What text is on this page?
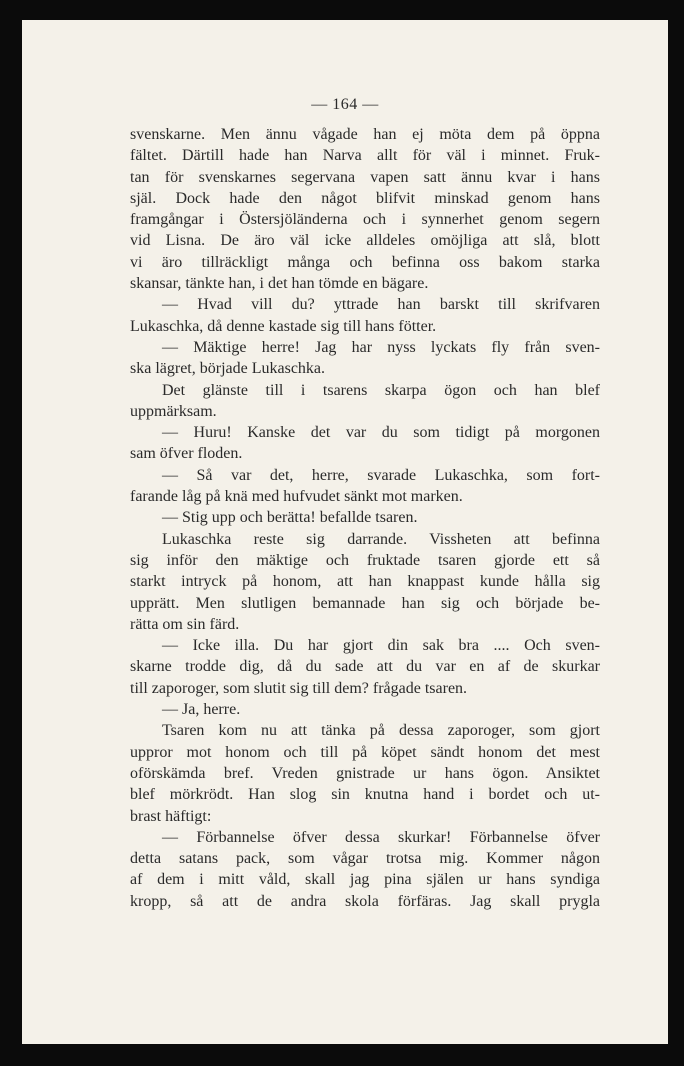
— 164 —
svenskarne. Men ännu vågade han ej möta dem på öppna
fältet. Därtill hade han Narva allt för väl i minnet. Fruk-
tan för svenskarnes segervana vapen satt ännu kvar i hans
själ. Dock hade den något blifvit minskad genom hans
framgångar i Östersjöländerna och i synnerhet genom segern
vid Lisna. De äro väl icke alldeles omöjliga att slå, blott
vi äro tillräckligt många och befinna oss bakom starka
skansar, tänkte han, i det han tömde en bägare.
— Hvad vill du? yttrade han barskt till skrifvaren
Lukaschka, då denne kastade sig till hans fötter.
— Mäktige herre! Jag har nyss lyckats fly från sven-
ska lägret, började Lukaschka.
Det glänste till i tsarens skarpa ögon och han blef
uppmärksam.
— Huru! Kanske det var du som tidigt på morgonen
sam öfver floden.
— Så var det, herre, svarade Lukaschka, som fort-
farande låg på knä med hufvudet sänkt mot marken.
— Stig upp och berätta! befallde tsaren.
Lukaschka reste sig darrande. Vissheten att befinna
sig inför den mäktige och fruktade tsaren gjorde ett så
starkt intryck på honom, att han knappast kunde hålla sig
upprätt. Men slutligen bemannade han sig och började be-
rätta om sin färd.
— Icke illa. Du har gjort din sak bra .... Och sven-
skarne trodde dig, då du sade att du var en af de skurkar
till zaporoger, som slutit sig till dem? frågade tsaren.
— Ja, herre.
Tsaren kom nu att tänka på dessa zaporoger, som gjort
uppror mot honom och till på köpet sändt honom det mest
oförskämda bref. Vreden gnistrade ur hans ögon. Ansiktet
blef mörkrödt. Han slog sin knutna hand i bordet och ut-
brast häftigt:
— Förbannelse öfver dessa skurkar! Förbannelse öfver
detta satans pack, som vågar trotsa mig. Kommer någon
af dem i mitt våld, skall jag pina själen ur hans syndiga
kropp, så att de andra skola förfäras. Jag skall prygla
